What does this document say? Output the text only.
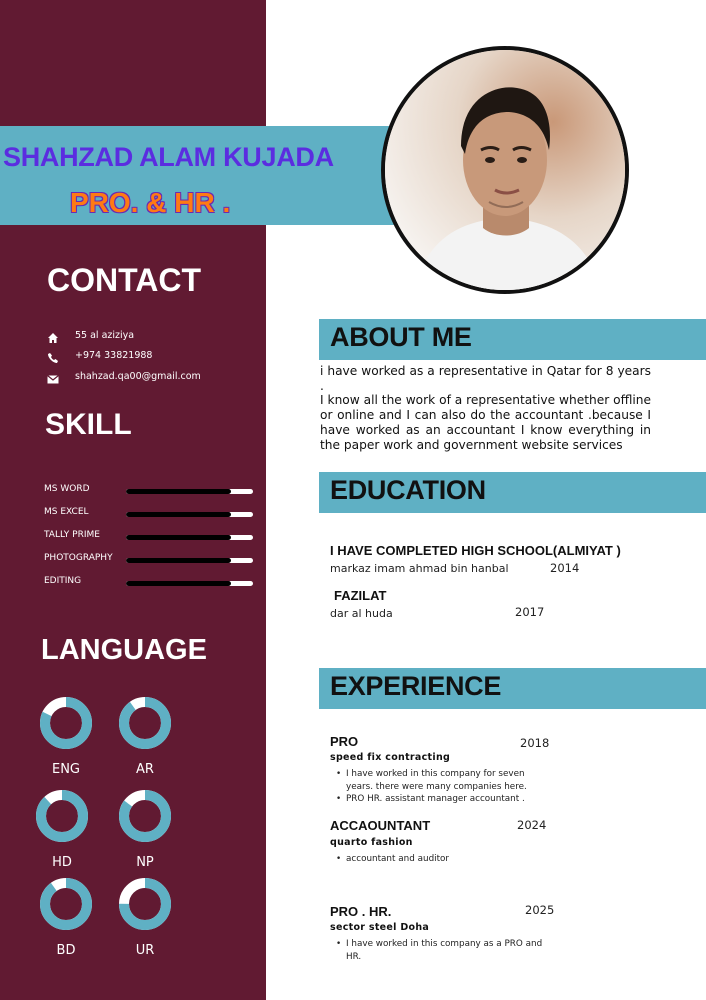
SHAHZAD ALAM KUJADA
PRO. & HR .
CONTACT
55 al aziziya
+974 33821988
shahzad.qa00@gmail.com
SKILL
MS WORD
MS EXCEL
TALLY PRIME
PHOTOGRAPHY
EDITING
LANGUAGE
ENG	AR
HD	NP
BD	UR
ABOUT ME
i have worked as a representative in Qatar for 8 years .
I know all the work of a representative whether offline or online and I can also do the accountant .because I have worked as an accountant I know everything in the paper work and government website services
EDUCATION
I HAVE COMPLETED HIGH SCHOOL(ALMIYAT )
markaz imam ahmad bin hanbal	2014
FAZILAT
dar al huda	2017
EXPERIENCE
PRO	2018
speed fix contracting
• I have worked in this company for seven years. there were many companies here.
• PRO HR. assistant manager accountant .
ACCAOUNTANT	2024
quarto fashion
• accountant and auditor
PRO . HR.	2025
sector steel Doha
• I have worked in this company as a PRO and HR.
